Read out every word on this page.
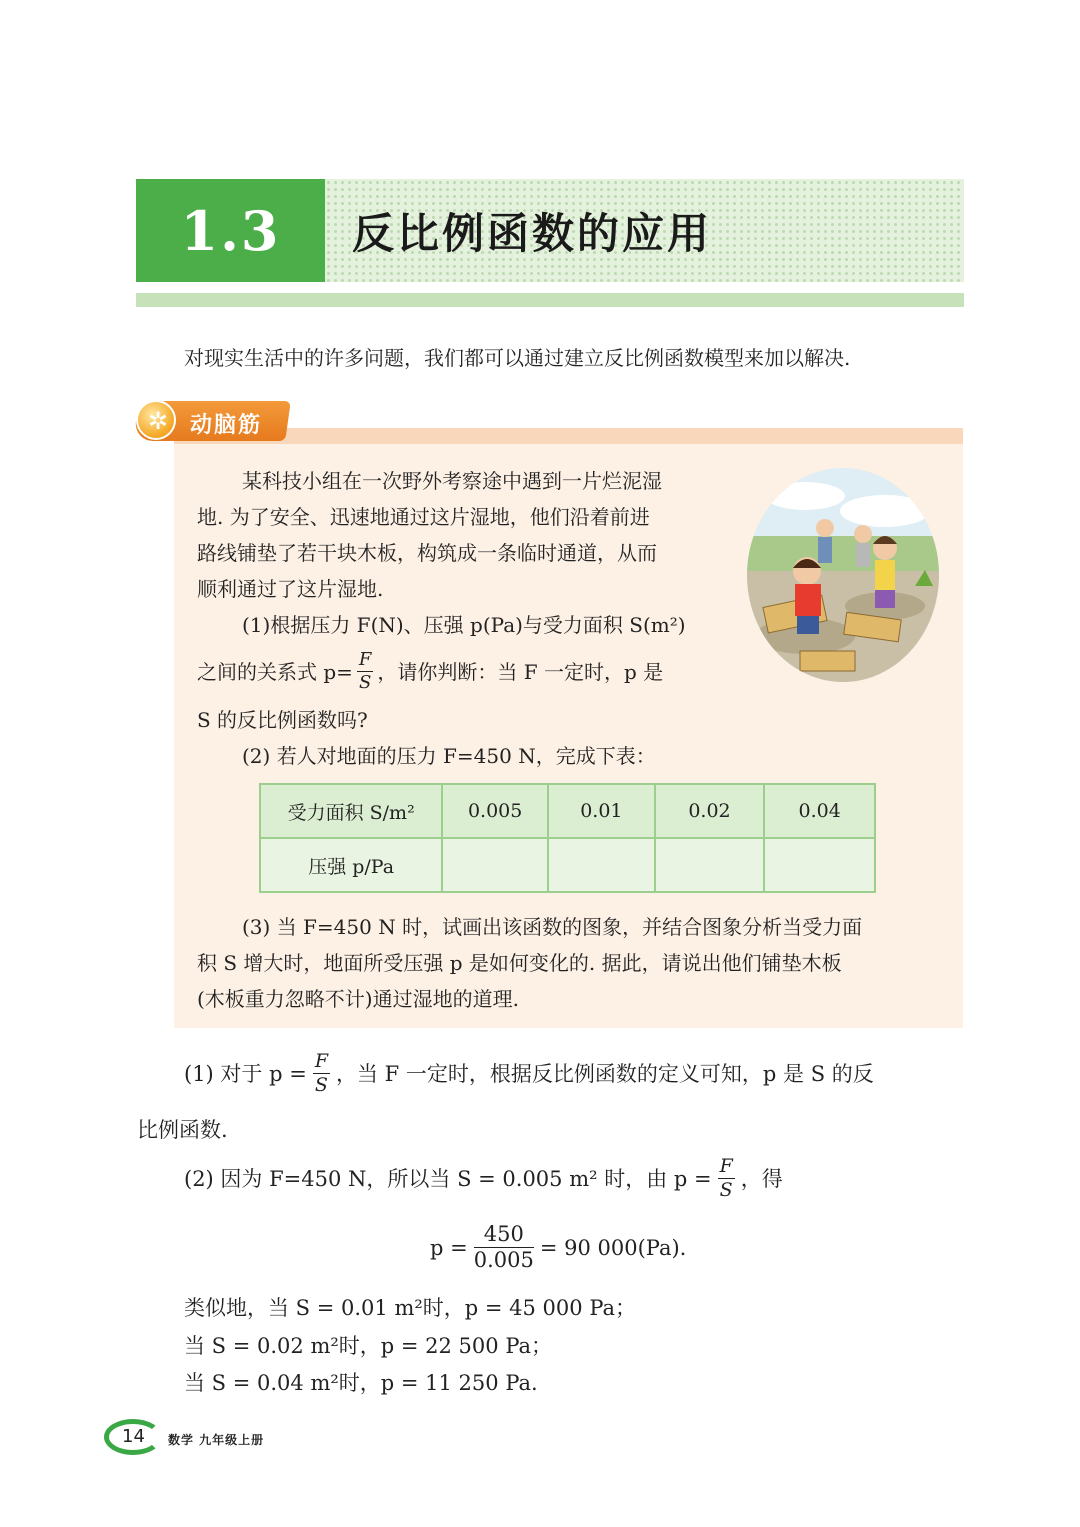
1.3	反比例函数的应用
对现实生活中的许多问题，我们都可以通过建立反比例函数模型来加以解决.
✲ 动脑筋
某科技小组在一次野外考察途中遇到一片烂泥湿
地. 为了安全、迅速地通过这片湿地，他们沿着前进
路线铺垫了若干块木板，构筑成一条临时通道，从而
顺利通过了这片湿地.
(1)根据压力 F(N)、压强 p(Pa)与受力面积 S(m²)
之间的关系式 $p= \frac{F}{S}$ ，请你判断：当 F 一定时，p 是
S 的反比例函数吗?
(2) 若人对地面的压力 F=450 N，完成下表：
受力面积 S/m²	0.005	0.01	0.02	0.04
压强 p/Pa				
(3) 当 F=450 N 时，试画出该函数的图象，并结合图象分析当受力面
积 S 增大时，地面所受压强 p 是如何变化的. 据此，请说出他们铺垫木板
(木板重力忽略不计)通过湿地的道理.
(1) 对于 $p = \frac{F}{S}$ ，当 F 一定时，根据反比例函数的定义可知，p 是 S 的反
比例函数.
(2) 因为 F=450 N，所以当 S = 0.005 m² 时，由 $p = \frac{F}{S}$ ，得
$p = \frac{450}{0.005} = 90$ 000(Pa).
类似地，当 S = 0.01 m²时，p = 45 000 Pa；
当 S = 0.02 m²时，p = 22 500 Pa；
当 S = 0.04 m²时，p = 11 250 Pa.
14 数学 九年级上册
